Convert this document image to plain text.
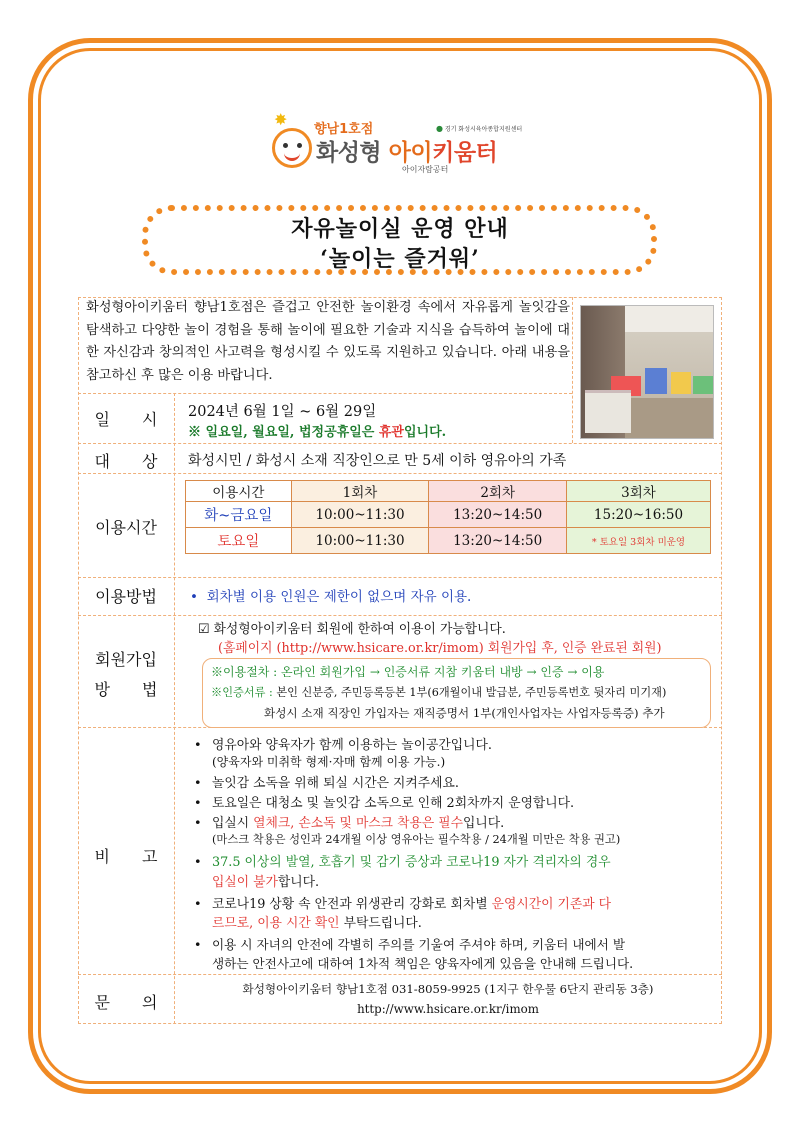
✸
향남1호점
화성형 아이키움터
아이자람공터
● 경기 화성시육아종합지원센터
자유놀이실 운영 안내
‘놀이는 즐거워’
화성형아이키움터 향남1호점은 즐겁고 안전한 놀이환경 속에서 자유롭게 놀잇감을 탐색하고 다양한 놀이 경험을 통해 놀이에 필요한 기술과 지식을 습득하여 놀이에 대한 자신감과 창의적인 사고력을 형성시킬 수 있도록 지원하고 있습니다. 아래 내용을 참고하신 후 많은 이용 바랍니다.
일　　시	2024년 6월 1일 ~ 6월 29일
※ 일요일, 월요일, 법정공휴일은 휴관입니다.
대　　상	화성시민 / 화성시 소재 직장인으로 만 5세 이하 영유아의 가족
이용시간
이용시간	1회차	2회차	3회차
화~금요일	10:00~11:30	13:20~14:50	15:20~16:50
토요일	10:00~11:30	13:20~14:50	* 토요일 3회차 미운영
이용방법	• 회차별 이용 인원은 제한이 없으며 자유 이용.
회원가입
방　　법
☑ 화성형아이키움터 회원에 한하여 이용이 가능합니다.
(홈페이지 (http://www.hsicare.or.kr/imom) 회원가입 후, 인증 완료된 회원)
※이용절차 : 온라인 회원가입 → 인증서류 지참 키움터 내방 → 인증 → 이용
※인증서류 : 본인 신분증, 주민등록등본 1부(6개월이내 발급분, 주민등록번호 뒷자리 미기재)
화성시 소재 직장인 가입자는 재직증명서 1부(개인사업자는 사업자등록증) 추가
비　　고
• 영유아와 양육자가 함께 이용하는 놀이공간입니다.
(양육자와 미취학 형제·자매 함께 이용 가능.)
• 놀잇감 소독을 위해 퇴실 시간은 지켜주세요.
• 토요일은 대청소 및 놀잇감 소독으로 인해 2회차까지 운영합니다.
• 입실시 열체크, 손소독 및 마스크 착용은 필수입니다.
(마스크 착용은 성인과 24개월 이상 영유아는 필수착용 / 24개월 미만은 착용 권고)
• 37.5 이상의 발열, 호흡기 및 감기 증상과 코로나19 자가 격리자의 경우
입실이 불가합니다.
• 코로나19 상황 속 안전과 위생관리 강화로 회차별 운영시간이 기존과 다
르므로, 이용 시간 확인 부탁드립니다.
• 이용 시 자녀의 안전에 각별히 주의를 기울여 주셔야 하며, 키움터 내에서 발
생하는 안전사고에 대하여 1차적 책임은 양육자에게 있음을 안내해 드립니다.
문　　의
화성형아이키움터 향남1호점 031-8059-9925 (1지구 한우물 6단지 관리동 3층)
http://www.hsicare.or.kr/imom
